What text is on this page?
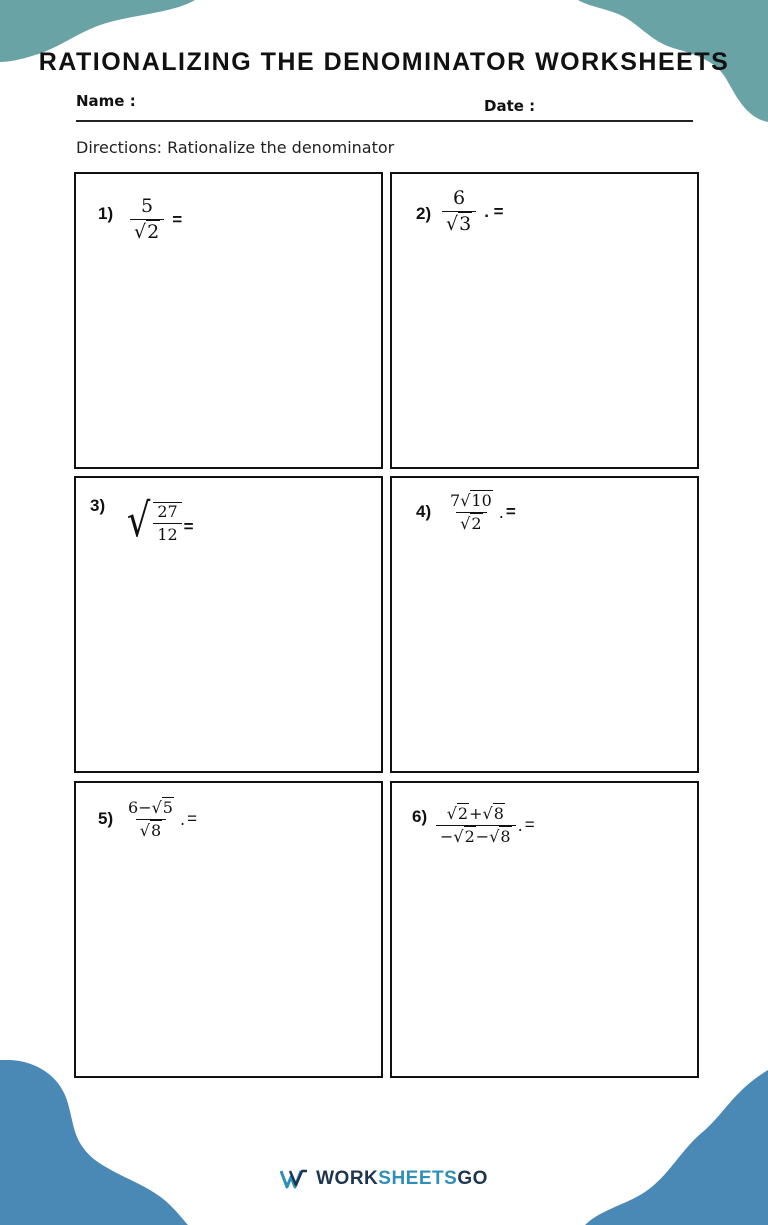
RATIONALIZING THE DENOMINATOR WORKSHEETS
Name :	Date :
Directions: Rationalize the denominator
$1) \frac{5}{√2}$ =	$2) \frac{6}{√3}$ . =
3) √ $\frac{27}{12}$ =
$4) \frac{7√10}{√2}$ . =
$5) \frac{6-√5}{√8}$ . =	$6) \frac{√2+√8}{-√2-√8}$ . =
WORK SHEETS GO
